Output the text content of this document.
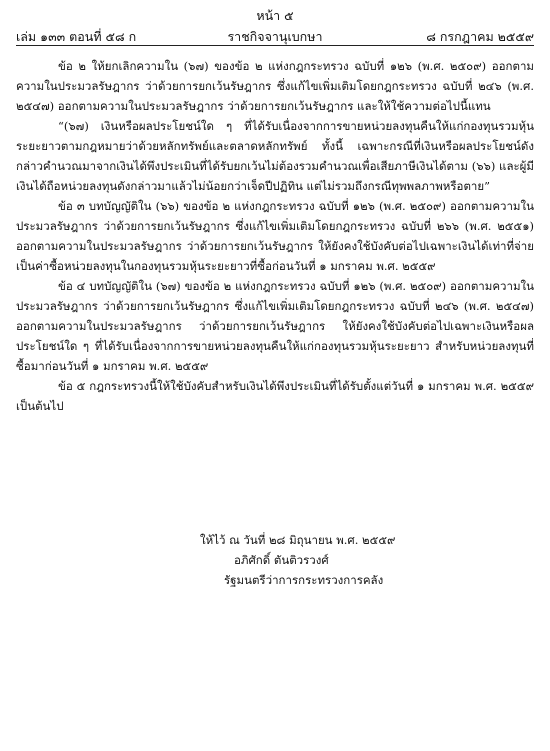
หน้า ๕
เล่ม ๑๓๓ ตอนที่ ๕๘ ก	ราชกิจจานุเบกษา	๘ กรกฎาคม ๒๕๕๙

ข้อ ๒ ให้ยกเลิกความใน (๖๗) ของข้อ ๒ แห่งกฎกระทรวง ฉบับที่ ๑๒๖ (พ.ศ. ๒๕๐๙) ออกตามความในประมวลรัษฎากร ว่าด้วยการยกเว้นรัษฎากร ซึ่งแก้ไขเพิ่มเติมโดยกฎกระทรวง ฉบับที่ ๒๔๖ (พ.ศ. ๒๕๔๗) ออกตามความในประมวลรัษฎากร ว่าด้วยการยกเว้นรัษฎากร และให้ใช้ความต่อไปนี้แทน

“(๖๗) เงินหรือผลประโยชน์ใด ๆ ที่ได้รับเนื่องจากการขายหน่วยลงทุนคืนให้แก่กองทุนรวมหุ้นระยะยาวตามกฎหมายว่าด้วยหลักทรัพย์และตลาดหลักทรัพย์ ทั้งนี้ เฉพาะกรณีที่เงินหรือผลประโยชน์ดังกล่าวคำนวณมาจากเงินได้พึงประเมินที่ได้รับยกเว้นไม่ต้องรวมคำนวณเพื่อเสียภาษีเงินได้ตาม (๖๖) และผู้มีเงินได้ถือหน่วยลงทุนดังกล่าวมาแล้วไม่น้อยกว่าเจ็ดปีปฏิทิน แต่ไม่รวมถึงกรณีทุพพลภาพหรือตาย”

ข้อ ๓ บทบัญญัติใน (๖๖) ของข้อ ๒ แห่งกฎกระทรวง ฉบับที่ ๑๒๖ (พ.ศ. ๒๕๐๙) ออกตามความในประมวลรัษฎากร ว่าด้วยการยกเว้นรัษฎากร ซึ่งแก้ไขเพิ่มเติมโดยกฎกระทรวง ฉบับที่ ๒๖๖ (พ.ศ. ๒๕๕๑) ออกตามความในประมวลรัษฎากร ว่าด้วยการยกเว้นรัษฎากร ให้ยังคงใช้บังคับต่อไปเฉพาะเงินได้เท่าที่จ่ายเป็นค่าซื้อหน่วยลงทุนในกองทุนรวมหุ้นระยะยาวที่ซื้อก่อนวันที่ ๑ มกราคม พ.ศ. ๒๕๕๙

ข้อ ๔ บทบัญญัติใน (๖๗) ของข้อ ๒ แห่งกฎกระทรวง ฉบับที่ ๑๒๖ (พ.ศ. ๒๕๐๙) ออกตามความในประมวลรัษฎากร ว่าด้วยการยกเว้นรัษฎากร ซึ่งแก้ไขเพิ่มเติมโดยกฎกระทรวง ฉบับที่ ๒๔๖ (พ.ศ. ๒๕๔๗) ออกตามความในประมวลรัษฎากร ว่าด้วยการยกเว้นรัษฎากร ให้ยังคงใช้บังคับต่อไปเฉพาะเงินหรือผลประโยชน์ใด ๆ ที่ได้รับเนื่องจากการขายหน่วยลงทุนคืนให้แก่กองทุนรวมหุ้นระยะยาว สำหรับหน่วยลงทุนที่ซื้อมาก่อนวันที่ ๑ มกราคม พ.ศ. ๒๕๕๙

ข้อ ๕ กฎกระทรวงนี้ให้ใช้บังคับสำหรับเงินได้พึงประเมินที่ได้รับตั้งแต่วันที่ ๑ มกราคม พ.ศ. ๒๕๕๙ เป็นต้นไป

ให้ไว้ ณ วันที่ ๒๘ มิถุนายน พ.ศ. ๒๕๕๙
อภิศักดิ์ ตันติวรวงศ์
รัฐมนตรีว่าการกระทรวงการคลัง
